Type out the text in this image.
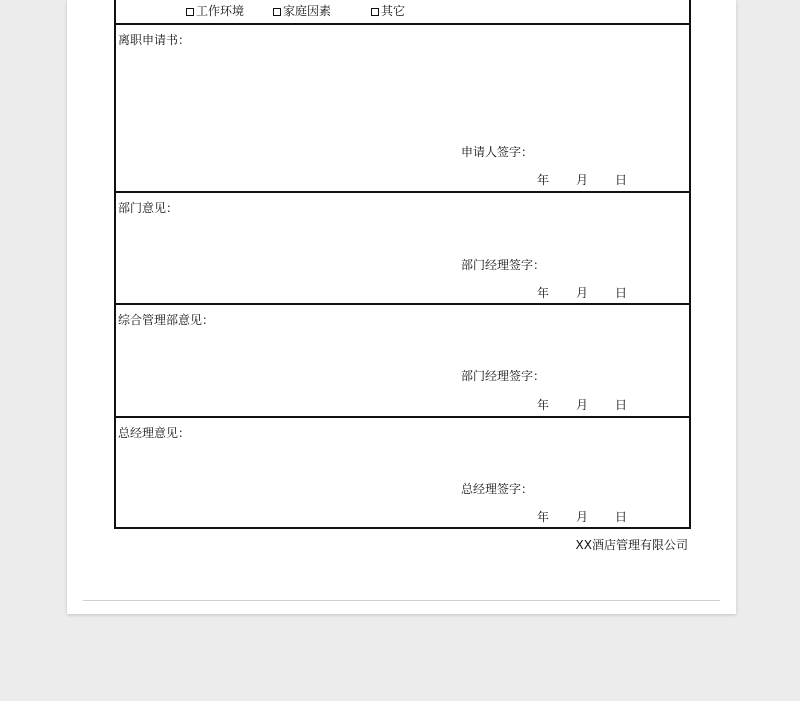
工作环境	家庭因素	其它
离职申请书：
申请人签字：
年 月 日
部门意见：
部门经理签字：
年 月 日
综合管理部意见：
部门经理签字：
年 月 日
总经理意见：
总经理签字：
年 月 日
XX酒店管理有限公司
